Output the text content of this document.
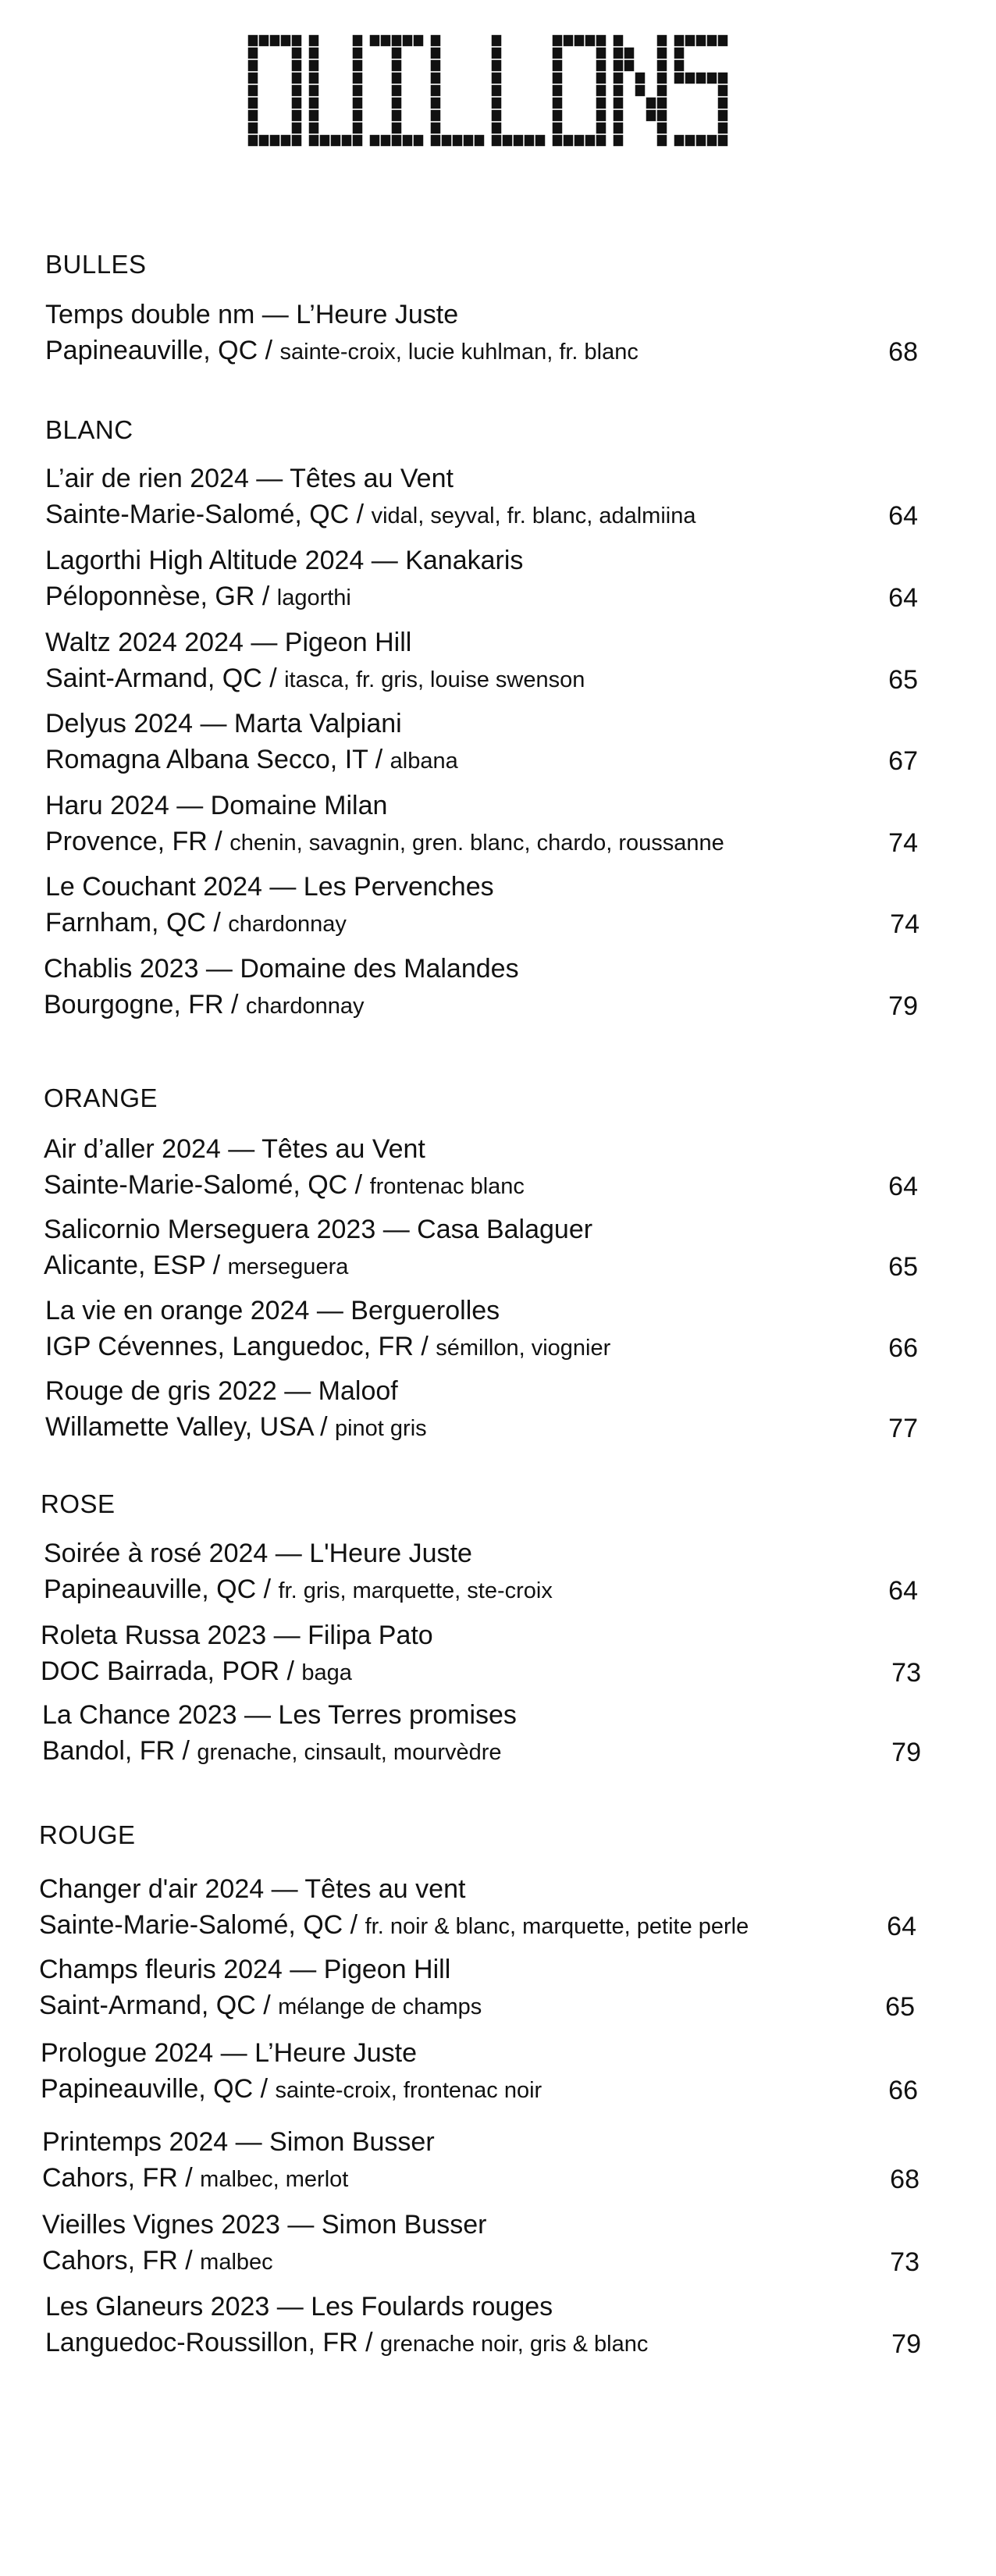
BULLES
Temps double nm — L’Heure Juste
Papineauville, QC / sainte-croix, lucie kuhlman, fr. blanc	68
BLANC
L’air de rien 2024 — Têtes au Vent
Sainte-Marie-Salomé, QC / vidal, seyval, fr. blanc, adalmiina	64
Lagorthi High Altitude 2024 — Kanakaris
Péloponnèse, GR / lagorthi	64
Waltz 2024 2024 — Pigeon Hill
Saint-Armand, QC / itasca, fr. gris, louise swenson	65
Delyus 2024 — Marta Valpiani
Romagna Albana Secco, IT / albana	67
Haru 2024 — Domaine Milan
Provence, FR / chenin, savagnin, gren. blanc, chardo, roussanne	74
Le Couchant 2024 — Les Pervenches
Farnham, QC / chardonnay	74
Chablis 2023 — Domaine des Malandes
Bourgogne, FR / chardonnay	79
ORANGE
Air d’aller 2024 — Têtes au Vent
Sainte-Marie-Salomé, QC / frontenac blanc	64
Salicornio Merseguera 2023 — Casa Balaguer
Alicante, ESP / merseguera	65
La vie en orange 2024 — Berguerolles
IGP Cévennes, Languedoc, FR / sémillon, viognier	66
Rouge de gris 2022 — Maloof
Willamette Valley, USA / pinot gris	77
ROSE
Soirée à rosé 2024 — L'Heure Juste
Papineauville, QC / fr. gris, marquette, ste-croix	64
Roleta Russa 2023 — Filipa Pato
DOC Bairrada, POR / baga	73
La Chance 2023 — Les Terres promises
Bandol, FR / grenache, cinsault, mourvèdre	79
ROUGE
Changer d'air 2024 — Têtes au vent
Sainte-Marie-Salomé, QC / fr. noir & blanc, marquette, petite perle	64
Champs fleuris 2024 — Pigeon Hill
Saint-Armand, QC / mélange de champs	65
Prologue 2024 — L’Heure Juste
Papineauville, QC / sainte-croix, frontenac noir	66
Printemps 2024 — Simon Busser
Cahors, FR / malbec, merlot	68
Vieilles Vignes 2023 — Simon Busser
Cahors, FR / malbec	73
Les Glaneurs 2023 — Les Foulards rouges
Languedoc-Roussillon, FR / grenache noir, gris & blanc	79
